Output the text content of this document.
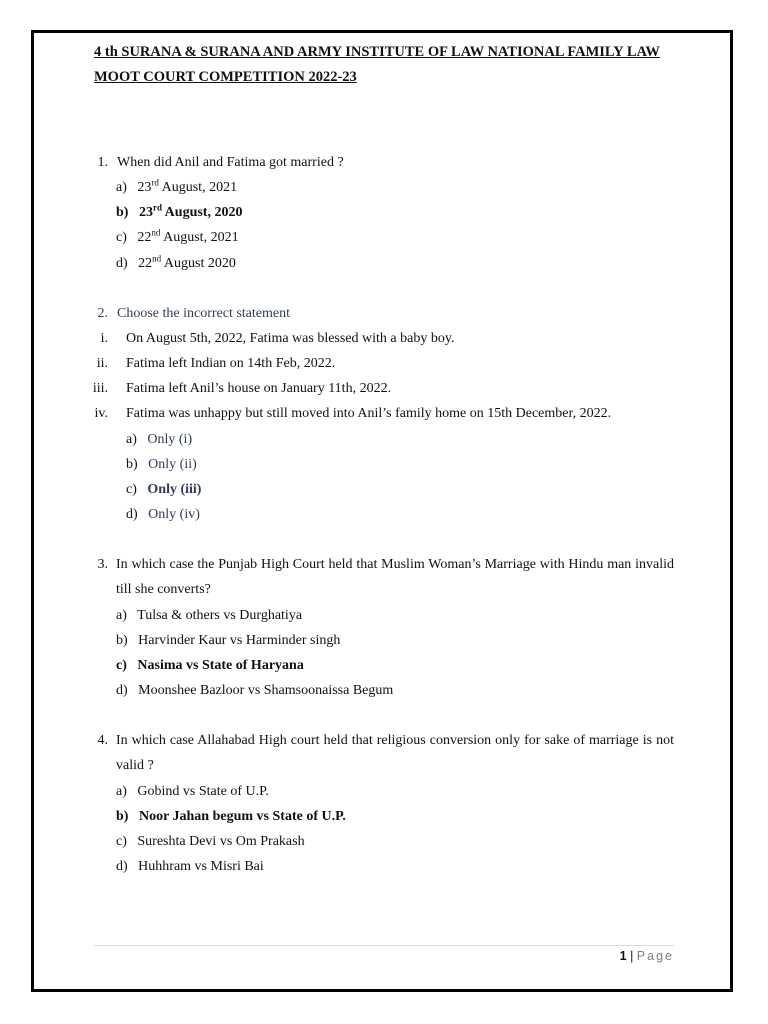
4 th SURANA & SURANA AND ARMY INSTITUTE OF LAW NATIONAL FAMILY LAW MOOT COURT COMPETITION 2022-23
1. When did Anil and Fatima got married ?
a) 23rd August, 2021
b) 23rd August, 2020
c) 22nd August, 2021
d) 22nd August 2020
2. Choose the incorrect statement
i. On August 5th, 2022, Fatima was blessed with a baby boy.
ii. Fatima left Indian on 14th Feb, 2022.
iii. Fatima left Anil’s house on January 11th, 2022.
iv. Fatima was unhappy but still moved into Anil’s family home on 15th December, 2022.
a) Only (i)
b) Only (ii)
c) Only (iii)
d) Only (iv)
3. In which case the Punjab High Court held that Muslim Woman’s Marriage with Hindu man invalid till she converts?
a) Tulsa & others vs Durghatiya
b) Harvinder Kaur vs Harminder singh
c) Nasima vs State of Haryana
d) Moonshee Bazloor vs Shamsoonaissa Begum
4. In which case Allahabad High court held that religious conversion only for sake of marriage is not valid ?
a) Gobind vs State of U.P.
b) Noor Jahan begum vs State of U.P.
c) Sureshta Devi vs Om Prakash
d) Huhhram vs Misri Bai
1 | Page
